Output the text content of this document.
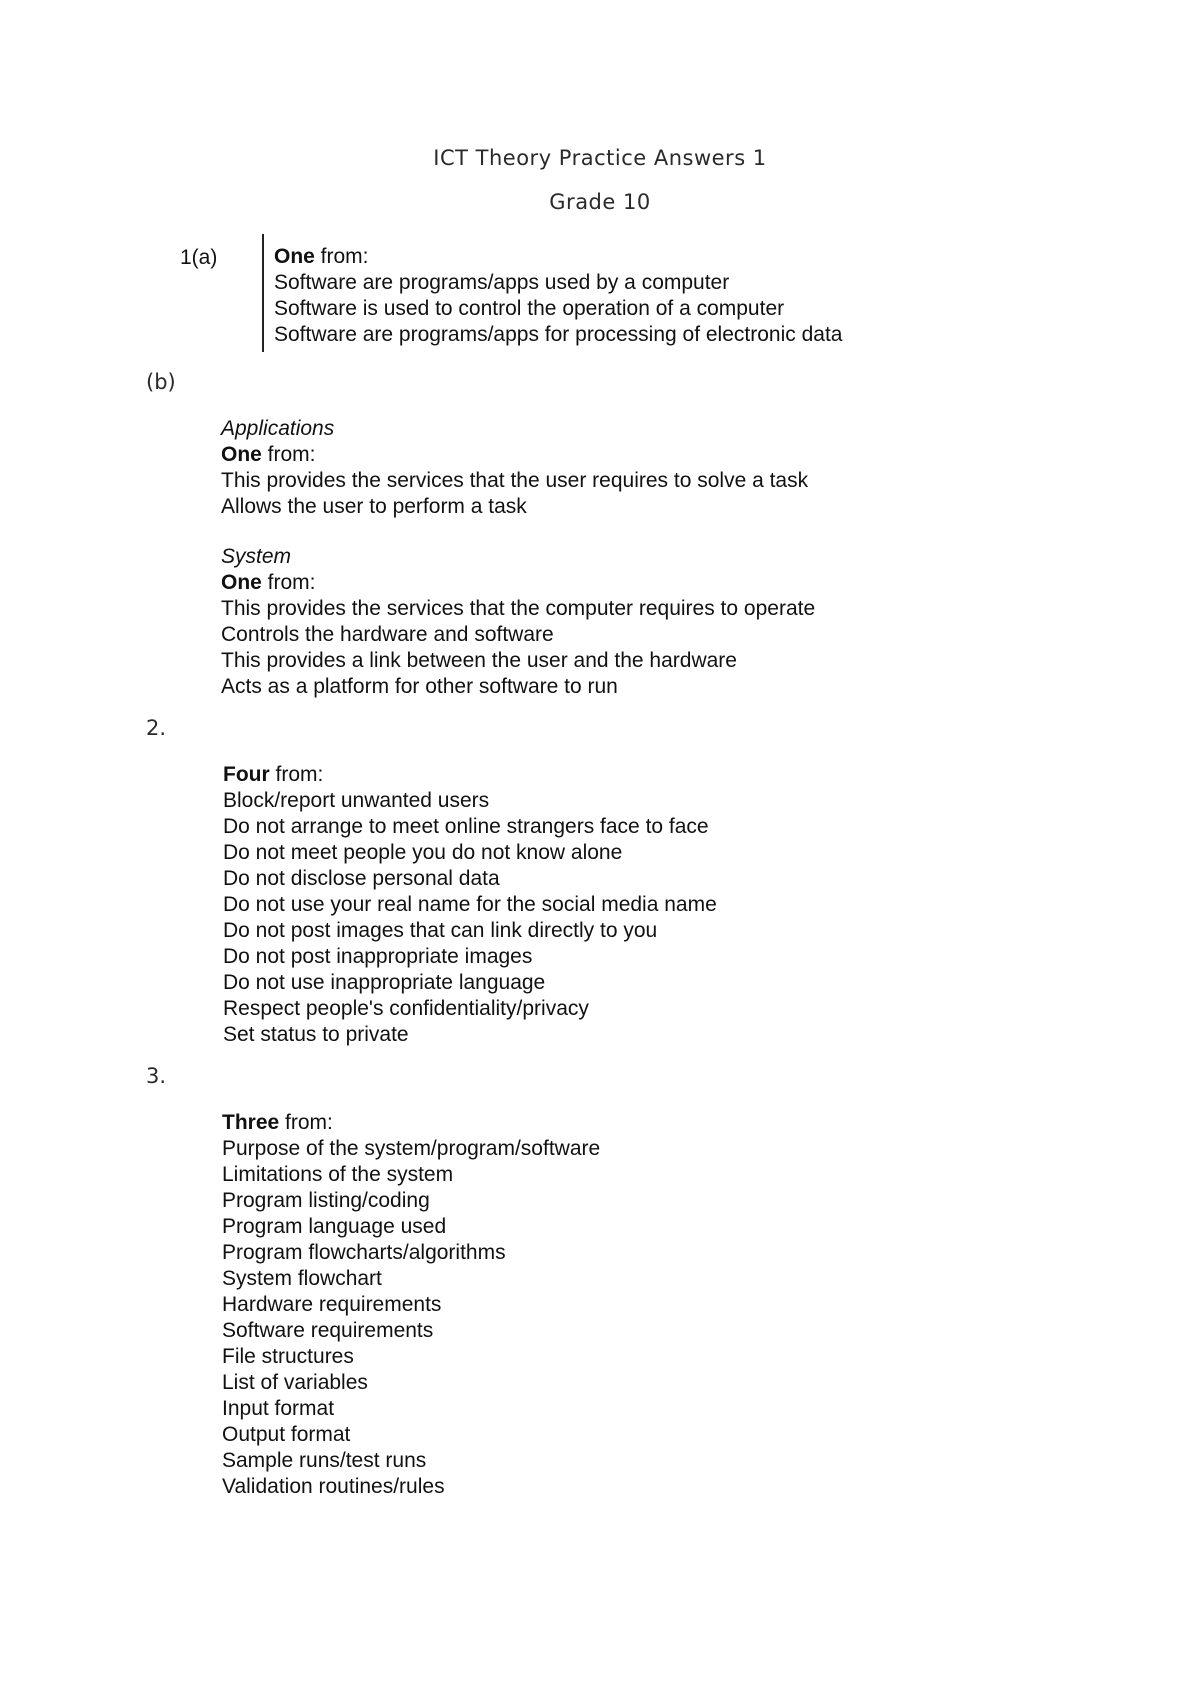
ICT Theory Practice Answers 1
Grade 10
1(a)	One from:
Software are programs/apps used by a computer
Software is used to control the operation of a computer
Software are programs/apps for processing of electronic data
(b)
Applications
One from:
This provides the services that the user requires to solve a task
Allows the user to perform a task
System
One from:
This provides the services that the computer requires to operate
Controls the hardware and software
This provides a link between the user and the hardware
Acts as a platform for other software to run
2.
Four from:
Block/report unwanted users
Do not arrange to meet online strangers face to face
Do not meet people you do not know alone
Do not disclose personal data
Do not use your real name for the social media name
Do not post images that can link directly to you
Do not post inappropriate images
Do not use inappropriate language
Respect people's confidentiality/privacy
Set status to private
3.
Three from:
Purpose of the system/program/software
Limitations of the system
Program listing/coding
Program language used
Program flowcharts/algorithms
System flowchart
Hardware requirements
Software requirements
File structures
List of variables
Input format
Output format
Sample runs/test runs
Validation routines/rules
